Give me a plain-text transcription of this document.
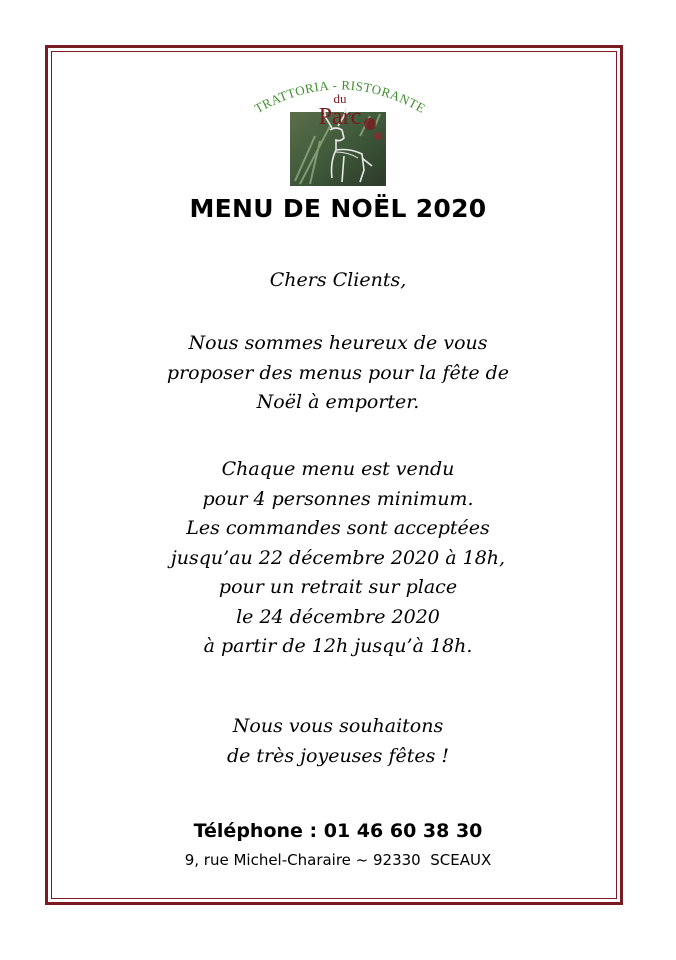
TRATTORIA - RISTORANTE
du
Parc
MENU DE NOËL 2020
Chers Clients,
Nous sommes heureux de vous
proposer des menus pour la fête de
Noël à emporter.
Chaque menu est vendu
pour 4 personnes minimum.
Les commandes sont acceptées
jusqu’au 22 décembre 2020 à 18h,
pour un retrait sur place
le 24 décembre 2020
à partir de 12h jusqu’à 18h.
Nous vous souhaitons
de très joyeuses fêtes !
Téléphone : 01 46 60 38 30
9, rue Michel-Charaire ~ 92330  SCEAUX
